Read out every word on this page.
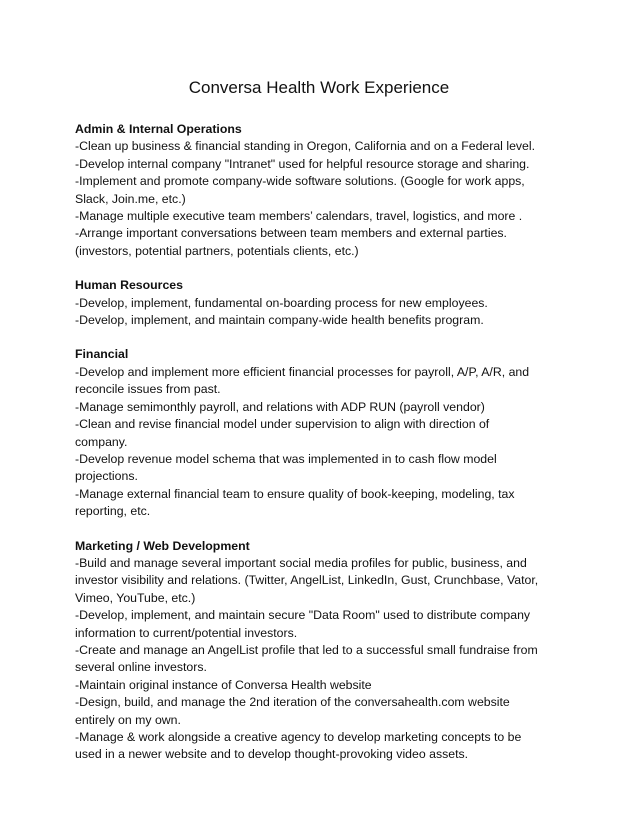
Conversa Health Work Experience
Admin & Internal Operations
-Clean up business & financial standing in Oregon, California and on a Federal level.
-Develop internal company "Intranet" used for helpful resource storage and sharing.
-Implement and promote company-wide software solutions. (Google for work apps,
Slack, Join.me, etc.)
-Manage multiple executive team members’ calendars, travel, logistics, and more .
-Arrange important conversations between team members and external parties.
(investors, potential partners, potentials clients, etc.)
Human Resources
-Develop, implement, fundamental on-boarding process for new employees.
-Develop, implement, and maintain company-wide health benefits program.
Financial
-Develop and implement more efficient financial processes for payroll, A/P, A/R, and
reconcile issues from past.
-Manage semimonthly payroll, and relations with ADP RUN (payroll vendor)
-Clean and revise financial model under supervision to align with direction of
company.
-Develop revenue model schema that was implemented in to cash flow model
projections.
-Manage external financial team to ensure quality of book-keeping, modeling, tax
reporting, etc.
Marketing / Web Development
-Build and manage several important social media profiles for public, business, and
investor visibility and relations. (Twitter, AngelList, LinkedIn, Gust, Crunchbase, Vator,
Vimeo, YouTube, etc.)
-Develop, implement, and maintain secure "Data Room" used to distribute company
information to current/potential investors.
-Create and manage an AngelList profile that led to a successful small fundraise from
several online investors.
-Maintain original instance of Conversa Health website
-Design, build, and manage the 2nd iteration of the conversahealth.com website
entirely on my own.
-Manage & work alongside a creative agency to develop marketing concepts to be
used in a newer website and to develop thought-provoking video assets.
